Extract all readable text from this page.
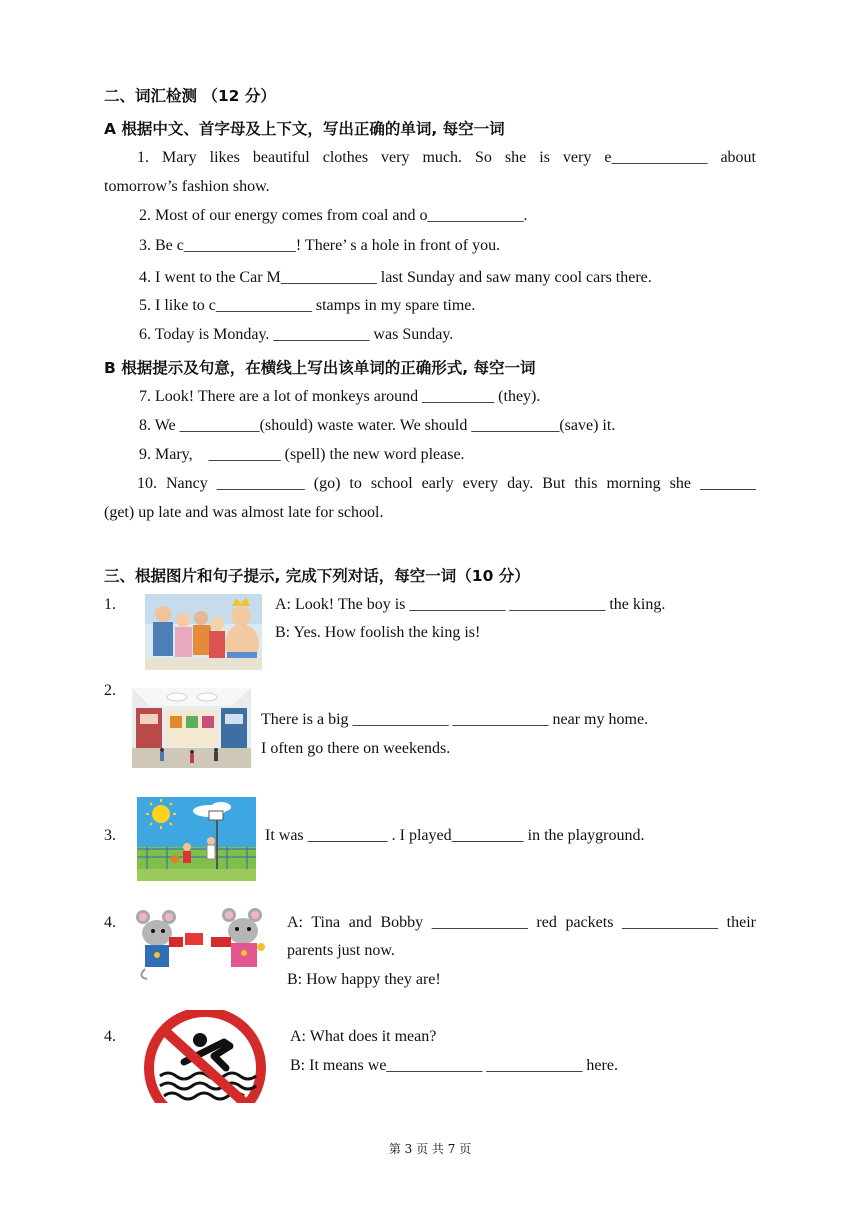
二、词汇检测 （12 分）
A 根据中文、首字母及上下文，写出正确的单词, 每空一词
1. Mary likes beautiful clothes very much. So she is very e____________ about
tomorrow’s fashion show.
2. Most of our energy comes from coal and o____________.
3. Be c______________! There’ s a hole in front of you.
4. I went to the Car M____________ last Sunday and saw many cool cars there.
5. I like to c____________ stamps in my spare time.
6. Today is Monday. ____________ was Sunday.
B 根据提示及句意，在横线上写出该单词的正确形式, 每空一词
7. Look! There are a lot of monkeys around _________ (they).
8. We __________(should) waste water. We should ___________(save) it.
9. Mary,    _________ (spell) the new word please.
10. Nancy ___________ (go) to school early every day. But this morning she _______
(get) up late and was almost late for school.
三、根据图片和句子提示, 完成下列对话，每空一词（10 分）
1.	A: Look! The boy is ____________ ____________ the king.
B: Yes. How foolish the king is!
2.
There is a big ____________ ____________ near my home.
I often go there on weekends.
3.	It was __________ . I played_________ in the playground.
4.	A: Tina and Bobby ____________ red packets ____________ their
parents just now.
B: How happy they are!
4.	A: What does it mean?
B: It means we____________ ____________ here.
第 3 页 共 7 页
